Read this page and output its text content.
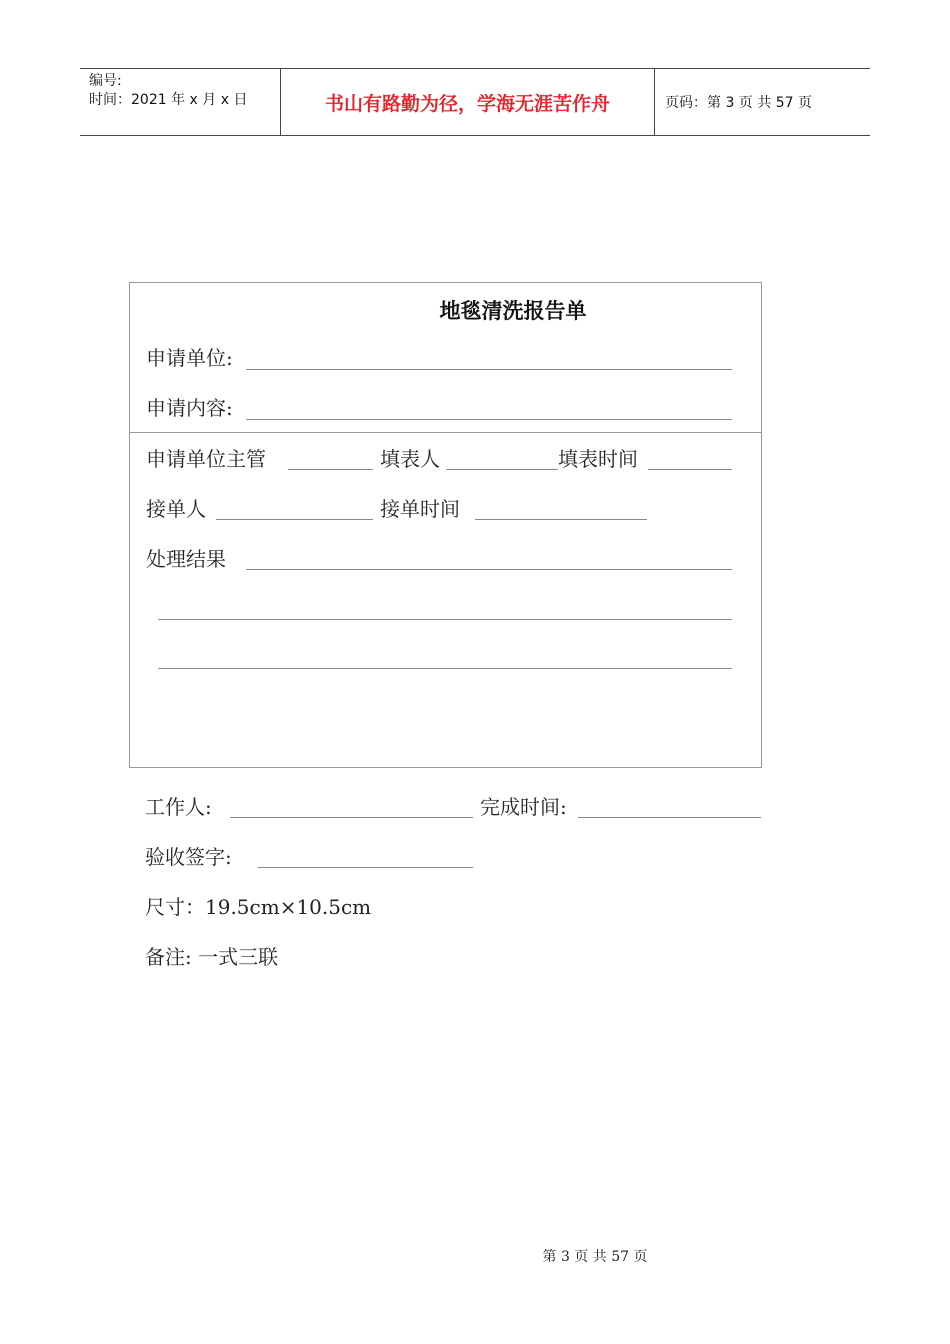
编号:
时间：2021 年 x 月 x 日	书山有路勤为径，学海无涯苦作舟	页码：第 3 页 共 57 页
地毯清洗报告单
申请单位:
申请内容:
申请单位主管	填表人	填表时间
接单人	接单时间
处理结果
工作人:	完成时间:
验收签字:
尺寸：19.5cm×10.5cm
备注: 一式三联
第 3 页 共 57 页
